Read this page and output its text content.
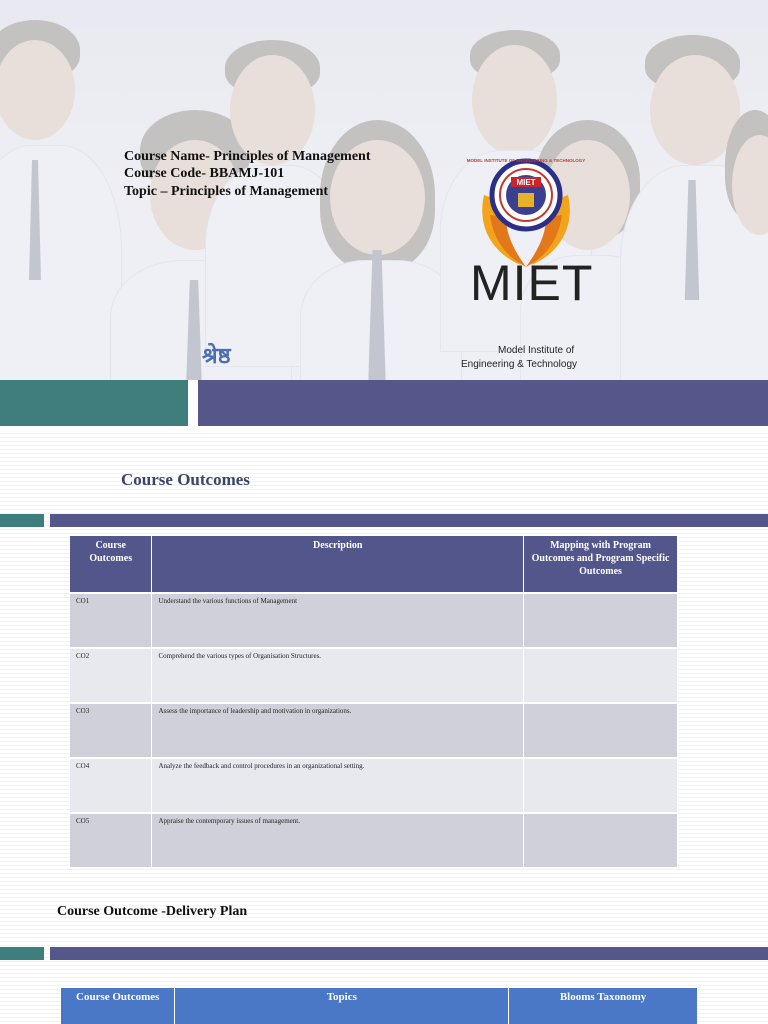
Course Name- Principles of Management
Course Code- BBAMJ-101
Topic – Principles of Management
MIET
MODEL INSTITUTE OF ENGINEERING & TECHNOLOGY
MIET
Model Institute of
Engineering & Technology
श्रेष्ठ
Course Outcomes
Course Outcomes	Description	Mapping with Program Outcomes and Program Specific Outcomes
CO1	Understand the various functions of Management	
CO2	Comprehend the various types of Organisation Structures.	
CO3	Assess the importance of leadership and motivation in organizations.	
CO4	Analyze the feedback and control procedures in an organizational setting.	
CO5	Appraise the contemporary issues of management.	
Course Outcome -Delivery Plan
Course Outcomes	Topics	Blooms Taxonomy
